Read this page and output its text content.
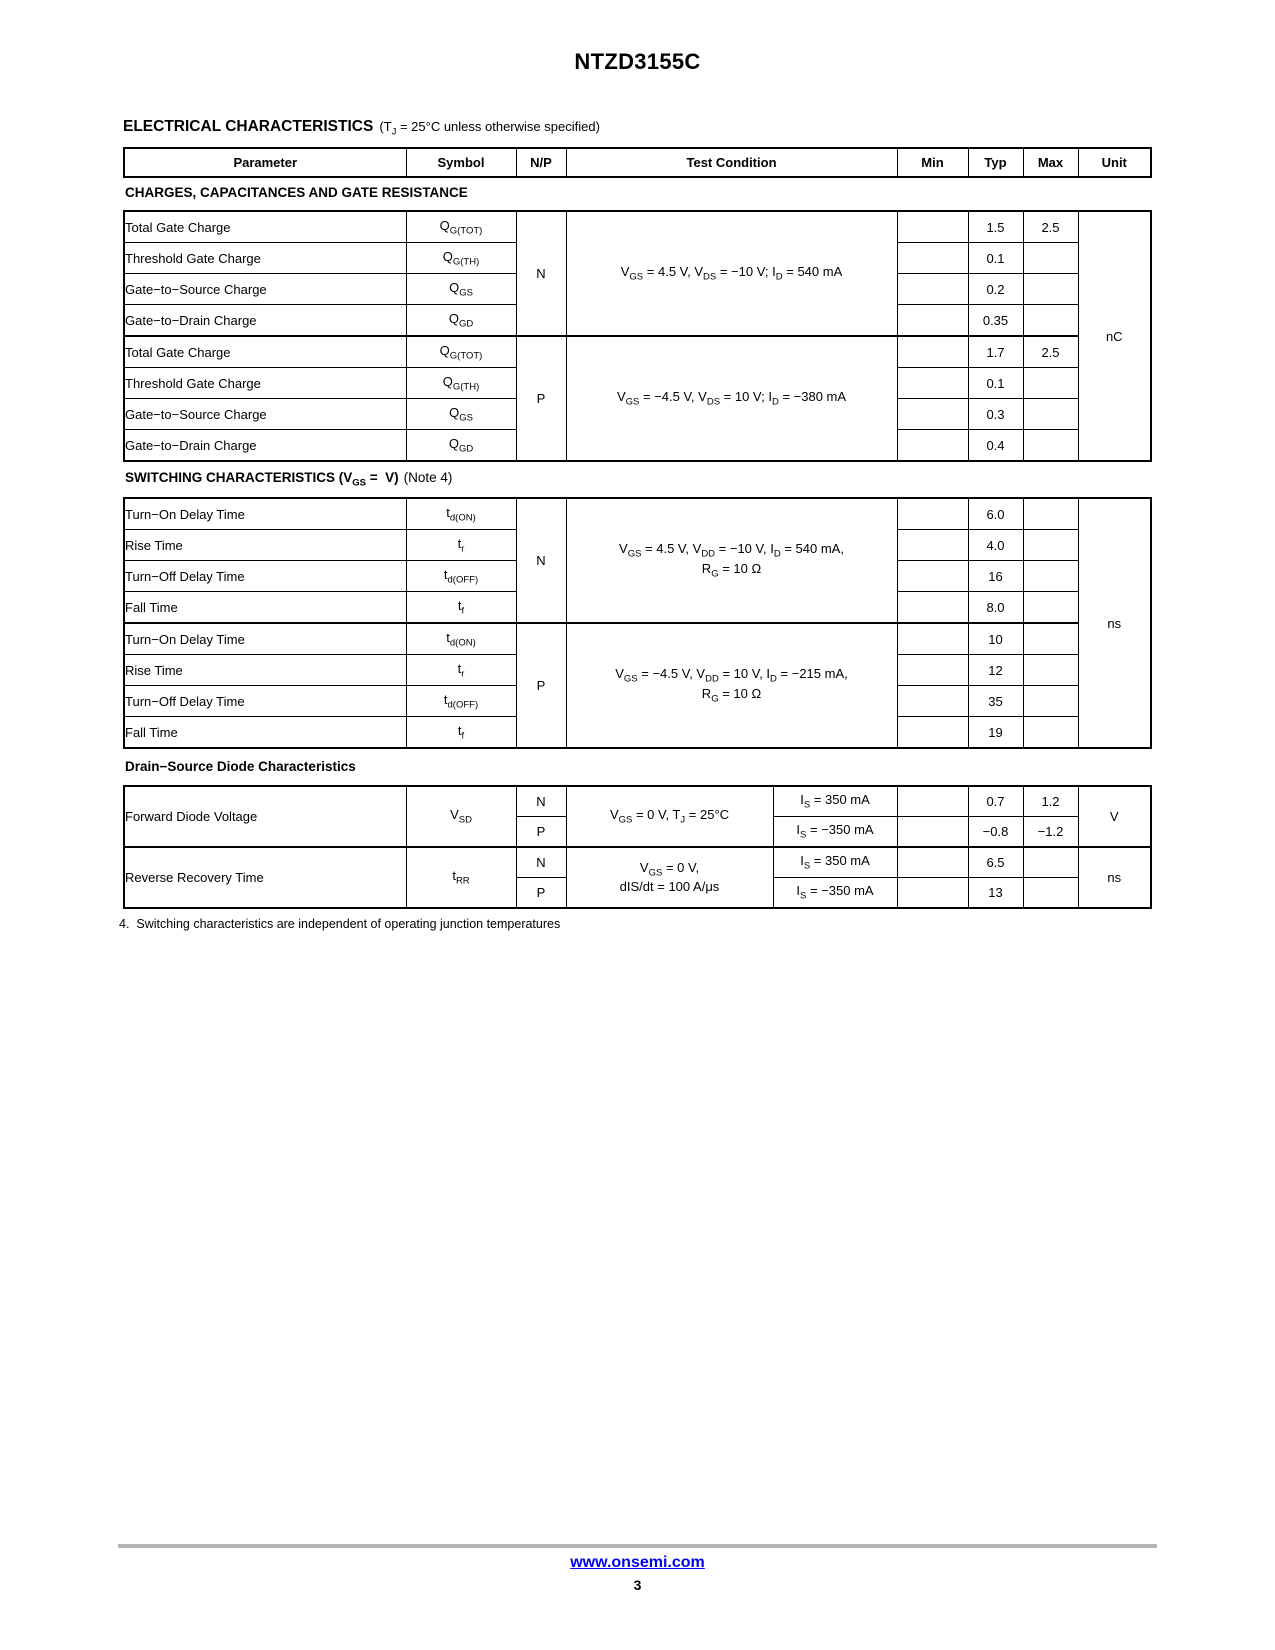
NTZD3155C
ELECTRICAL CHARACTERISTICS ($T_J = 25^\circ C$ unless otherwise specified)
Parameter	Symbol	N/P	Test Condition	Min	Typ	Max	Unit
CHARGES, CAPACITANCES AND GATE RESISTANCE
Total Gate Charge	$Q_{G(TOT)}$	N	$V_{GS} = 4.5$ V, $V_{DS} = -10$ V; $I_D = 540$ mA		1.5	2.5	nC
Threshold Gate Charge	$Q_{G(TH)}$				0.1		
Gate−to−Source Charge	$Q_{GS}$				0.2		
Gate−to−Drain Charge	$Q_{GD}$				0.35		
Total Gate Charge	$Q_{G(TOT)}$	P	$V_{GS} = -4.5$ V, $V_{DS} = 10$ V; $I_D = -380$ mA		1.7	2.5	
Threshold Gate Charge	$Q_{G(TH)}$				0.1		
Gate−to−Source Charge	$Q_{GS}$				0.3		
Gate−to−Drain Charge	$Q_{GD}$				0.4		
SWITCHING CHARACTERISTICS $(V_{GS} = V)$ (Note 4)
Turn−On Delay Time	$t_{d(ON)}$	N	$V_{GS} = 4.5$ V, $V_{DD} = -10$ V, $I_D = 540$ mA,
$R_G = 10$ Ω		6.0		ns
Rise Time	$t_r$				4.0		
Turn−Off Delay Time	$t_{d(OFF)}$				16		
Fall Time	$t_f$				8.0		
Turn−On Delay Time	$t_{d(ON)}$	P	$V_{GS} = -4.5$ V, $V_{DD} = 10$ V, $I_D = -215$ mA,
$R_G = 10$ Ω		10		
Rise Time	$t_r$				12		
Turn−Off Delay Time	$t_{d(OFF)}$				35		
Fall Time	$t_f$				19		
Drain−Source Diode Characteristics
Forward Diode Voltage	$V_{SD}$	N	$V_{GS} = 0$ V, $T_J = 25^\circ C$	$I_S = 350$ mA		0.7	1.2	V
		P		$I_S = -350$ mA		−0.8	−1.2	
Reverse Recovery Time	$t_{RR}$	N	$V_{GS} = 0$ V,
dIS/dt = 100 A/μs	$I_S = 350$ mA		6.5		ns
		P		$I_S = -350$ mA		13		
4.  Switching characteristics are independent of operating junction temperatures
www.onsemi.com
3
